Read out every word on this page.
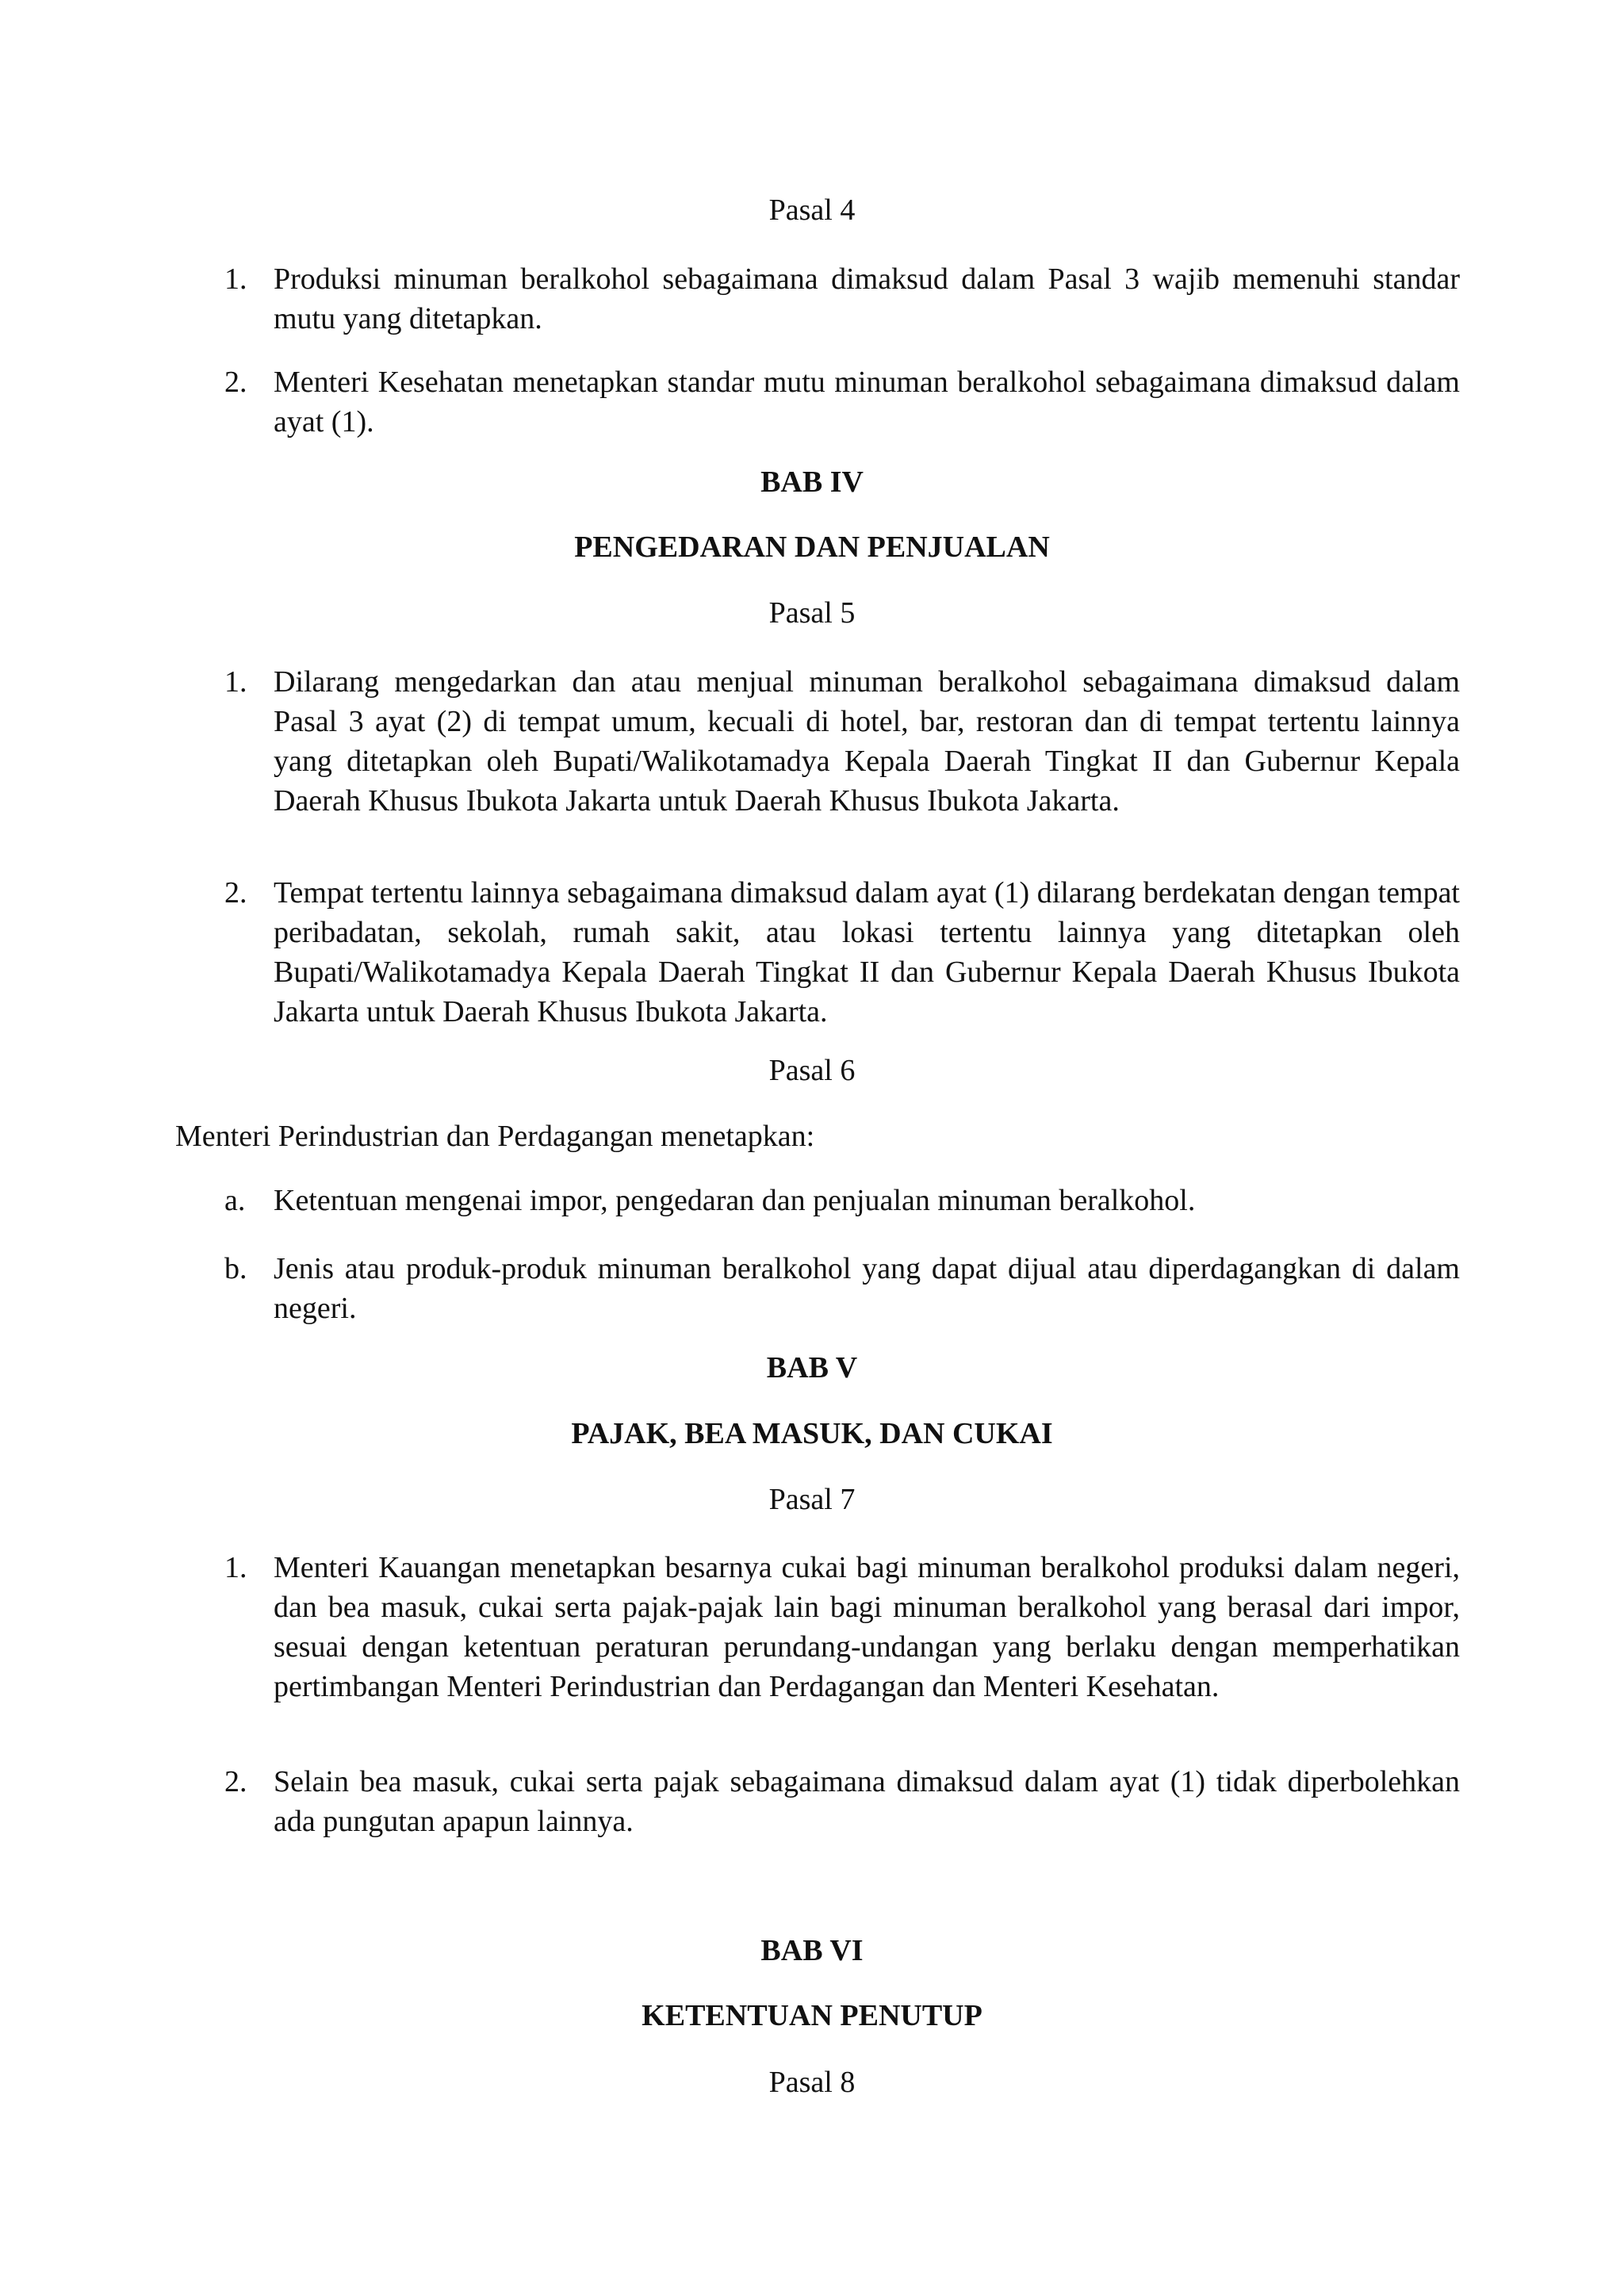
Pasal 4
1. Produksi minuman beralkohol sebagaimana dimaksud dalam Pasal 3 wajib memenuhi standar mutu yang ditetapkan.
2. Menteri Kesehatan menetapkan standar mutu minuman beralkohol sebagaimana dimaksud dalam ayat (1).
BAB IV
PENGEDARAN DAN PENJUALAN
Pasal 5
1. Dilarang mengedarkan dan atau menjual minuman beralkohol sebagaimana dimaksud dalam Pasal 3 ayat (2) di tempat umum, kecuali di hotel, bar, restoran dan di tempat tertentu lainnya yang ditetapkan oleh Bupati/Walikotamadya Kepala Daerah Tingkat II dan Gubernur Kepala Daerah Khusus Ibukota Jakarta untuk Daerah Khusus Ibukota Jakarta.
2. Tempat tertentu lainnya sebagaimana dimaksud dalam ayat (1) dilarang berdekatan dengan tempat peribadatan, sekolah, rumah sakit, atau lokasi tertentu lainnya yang ditetapkan oleh Bupati/Walikotamadya Kepala Daerah Tingkat II dan Gubernur Kepala Daerah Khusus Ibukota Jakarta untuk Daerah Khusus Ibukota Jakarta.
Pasal 6
Menteri Perindustrian dan Perdagangan menetapkan:
a. Ketentuan mengenai impor, pengedaran dan penjualan minuman beralkohol.
b. Jenis atau produk-produk minuman beralkohol yang dapat dijual atau diperdagangkan di dalam negeri.
BAB V
PAJAK, BEA MASUK, DAN CUKAI
Pasal 7
1. Menteri Kauangan menetapkan besarnya cukai bagi minuman beralkohol produksi dalam negeri, dan bea masuk, cukai serta pajak-pajak lain bagi minuman beralkohol yang berasal dari impor, sesuai dengan ketentuan peraturan perundang-undangan yang berlaku dengan memperhatikan pertimbangan Menteri Perindustrian dan Perdagangan dan Menteri Kesehatan.
2. Selain bea masuk, cukai serta pajak sebagaimana dimaksud dalam ayat (1) tidak diperbolehkan ada pungutan apapun lainnya.
BAB VI
KETENTUAN PENUTUP
Pasal 8
